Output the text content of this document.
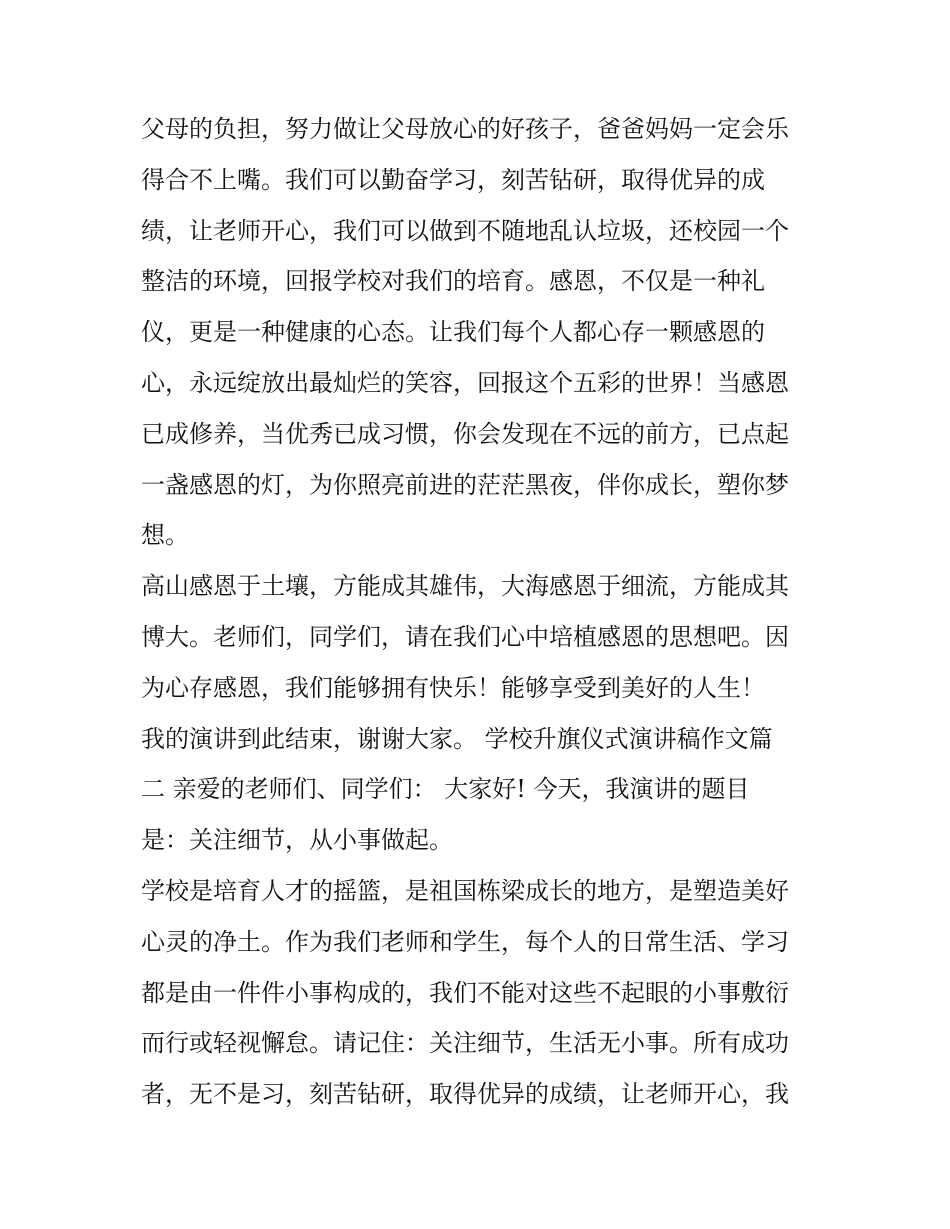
父母的负担，努力做让父母放心的好孩子，爸爸妈妈一定会乐
得合不上嘴。我们可以勤奋学习，刻苦钻研，取得优异的成
绩，让老师开心，我们可以做到不随地乱认垃圾，还校园一个
整洁的环境，回报学校对我们的培育。感恩，不仅是一种礼
仪，更是一种健康的心态。让我们每个人都心存一颗感恩的
心，永远绽放出最灿烂的笑容，回报这个五彩的世界！当感恩
已成修养，当优秀已成习惯，你会发现在不远的前方，已点起
一盏感恩的灯，为你照亮前进的茫茫黑夜，伴你成长，塑你梦
想。
高山感恩于土壤，方能成其雄伟，大海感恩于细流，方能成其
博大。老师们，同学们，请在我们心中培植感恩的思想吧。因
为心存感恩，我们能够拥有快乐！能够享受到美好的人生！
我的演讲到此结束，谢谢大家。 学校升旗仪式演讲稿作文篇
二 亲爱的老师们、同学们： 大家好! 今天，我演讲的题目
是：关注细节，从小事做起。
学校是培育人才的摇篮，是祖国栋梁成长的地方，是塑造美好
心灵的净土。作为我们老师和学生，每个人的日常生活、学习
都是由一件件小事构成的，我们不能对这些不起眼的小事敷衍
而行或轻视懈怠。请记住：关注细节，生活无小事。所有成功
者，无不是习，刻苦钻研，取得优异的成绩，让老师开心，我
